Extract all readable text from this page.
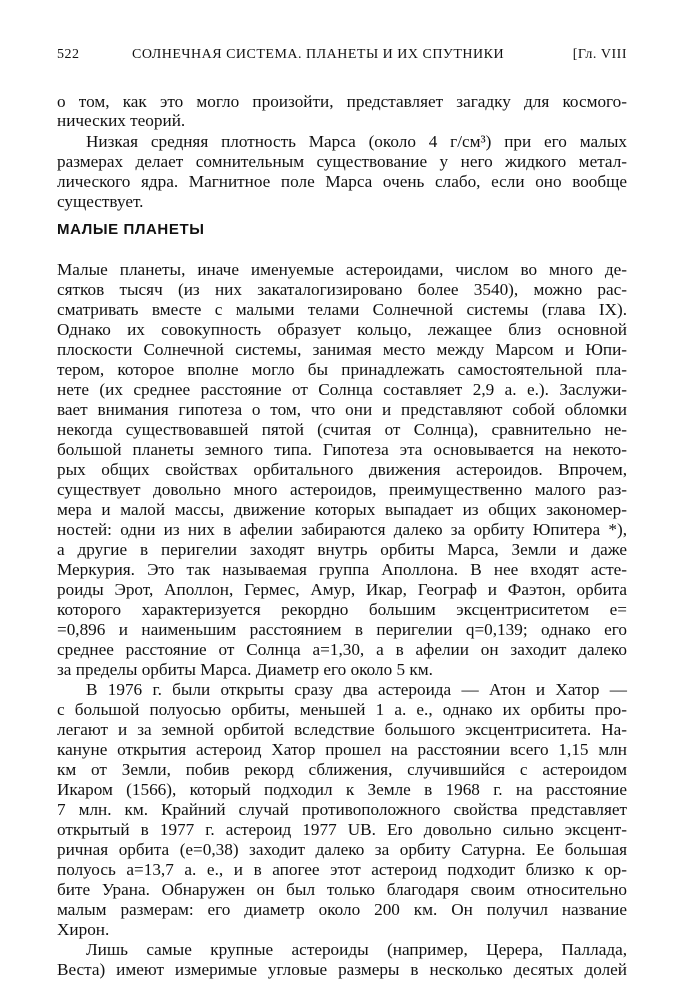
522	СОЛНЕЧНАЯ СИСТЕМА. ПЛАНЕТЫ И ИХ СПУТНИКИ	[Гл. VIII
о том, как это могло произойти, представляет загадку для космого-
нических теорий.
Низкая средняя плотность Марса (около 4 г/см³) при его малых
размерах делает сомнительным существование у него жидкого метал-
лического ядра. Магнитное поле Марса очень слабо, если оно вообще
существует.
МАЛЫЕ ПЛАНЕТЫ
Малые планеты, иначе именуемые астероидами, числом во много де-
сятков тысяч (из них закаталогизировано более 3540), можно рас-
сматривать вместе с малыми телами Солнечной системы (глава IX).
Однако их совокупность образует кольцо, лежащее близ основной
плоскости Солнечной системы, занимая место между Марсом и Юпи-
тером, которое вполне могло бы принадлежать самостоятельной пла-
нете (их среднее расстояние от Солнца составляет 2,9 а. е.). Заслужи-
вает внимания гипотеза о том, что они и представляют собой обломки
некогда существовавшей пятой (считая от Солнца), сравнительно не-
большой планеты земного типа. Гипотеза эта основывается на некото-
рых общих свойствах орбитального движения астероидов. Впрочем,
существует довольно много астероидов, преимущественно малого раз-
мера и малой массы, движение которых выпадает из общих закономер-
ностей: одни из них в афелии забираются далеко за орбиту Юпитера *),
а другие в перигелии заходят внутрь орбиты Марса, Земли и даже
Меркурия. Это так называемая группа Аполлона. В нее входят асте-
роиды Эрот, Аполлон, Гермес, Амур, Икар, Географ и Фаэтон, орбита
которого характеризуется рекордно большим эксцентриситетом e=
=0,896 и наименьшим расстоянием в перигелии q=0,139; однако его
среднее расстояние от Солнца a=1,30, а в афелии он заходит далеко
за пределы орбиты Марса. Диаметр его около 5 км.
В 1976 г. были открыты сразу два астероида — Атон и Хатор —
с большой полуосью орбиты, меньшей 1 а. е., однако их орбиты про-
легают и за земной орбитой вследствие большого эксцентриситета. На-
кануне открытия астероид Хатор прошел на расстоянии всего 1,15 млн
км от Земли, побив рекорд сближения, случившийся с астероидом
Икаром (1566), который подходил к Земле в 1968 г. на расстояние
7 млн. км. Крайний случай противоположного свойства представляет
открытый в 1977 г. астероид 1977 UB. Его довольно сильно эксцент-
ричная орбита (e=0,38) заходит далеко за орбиту Сатурна. Ее большая
полуось a=13,7 а. е., и в апогее этот астероид подходит близко к ор-
бите Урана. Обнаружен он был только благодаря своим относительно
малым размерам: его диаметр около 200 км. Он получил название
Хирон.
Лишь самые крупные астероиды (например, Церера, Паллада,
Веста) имеют измеримые угловые размеры в несколько десятых долей
